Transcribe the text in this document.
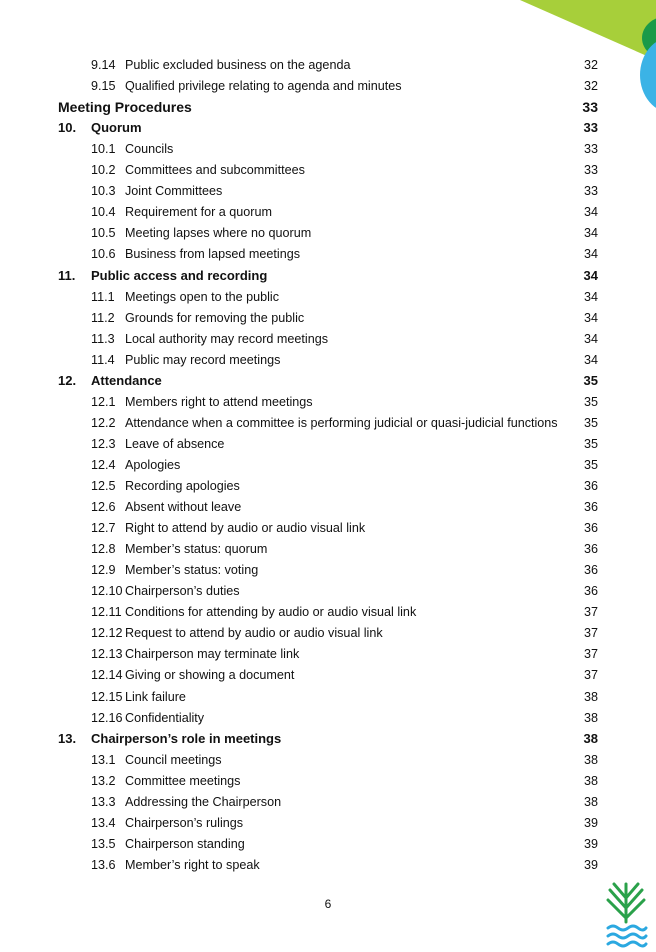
9.14 Public excluded business on the agenda	32
9.15 Qualified privilege relating to agenda and minutes	32
Meeting Procedures	33
10. Quorum	33
10.1 Councils	33
10.2 Committees and subcommittees	33
10.3 Joint Committees	33
10.4 Requirement for a quorum	34
10.5 Meeting lapses where no quorum	34
10.6 Business from lapsed meetings	34
11. Public access and recording	34
11.1 Meetings open to the public	34
11.2 Grounds for removing the public	34
11.3 Local authority may record meetings	34
11.4 Public may record meetings	34
12. Attendance	35
12.1 Members right to attend meetings	35
12.2 Attendance when a committee is performing judicial or quasi-judicial functions 35
12.3 Leave of absence	35
12.4 Apologies	35
12.5 Recording apologies	36
12.6 Absent without leave	36
12.7 Right to attend by audio or audio visual link	36
12.8 Member’s status: quorum	36
12.9 Member’s status: voting	36
12.10 Chairperson’s duties	36
12.11 Conditions for attending by audio or audio visual link	37
12.12 Request to attend by audio or audio visual link	37
12.13 Chairperson may terminate link	37
12.14 Giving or showing a document	37
12.15 Link failure	38
12.16 Confidentiality	38
13. Chairperson’s role in meetings	38
13.1 Council meetings	38
13.2 Committee meetings	38
13.3 Addressing the Chairperson	38
13.4 Chairperson’s rulings	39
13.5 Chairperson standing	39
13.6 Member’s right to speak	39
6
